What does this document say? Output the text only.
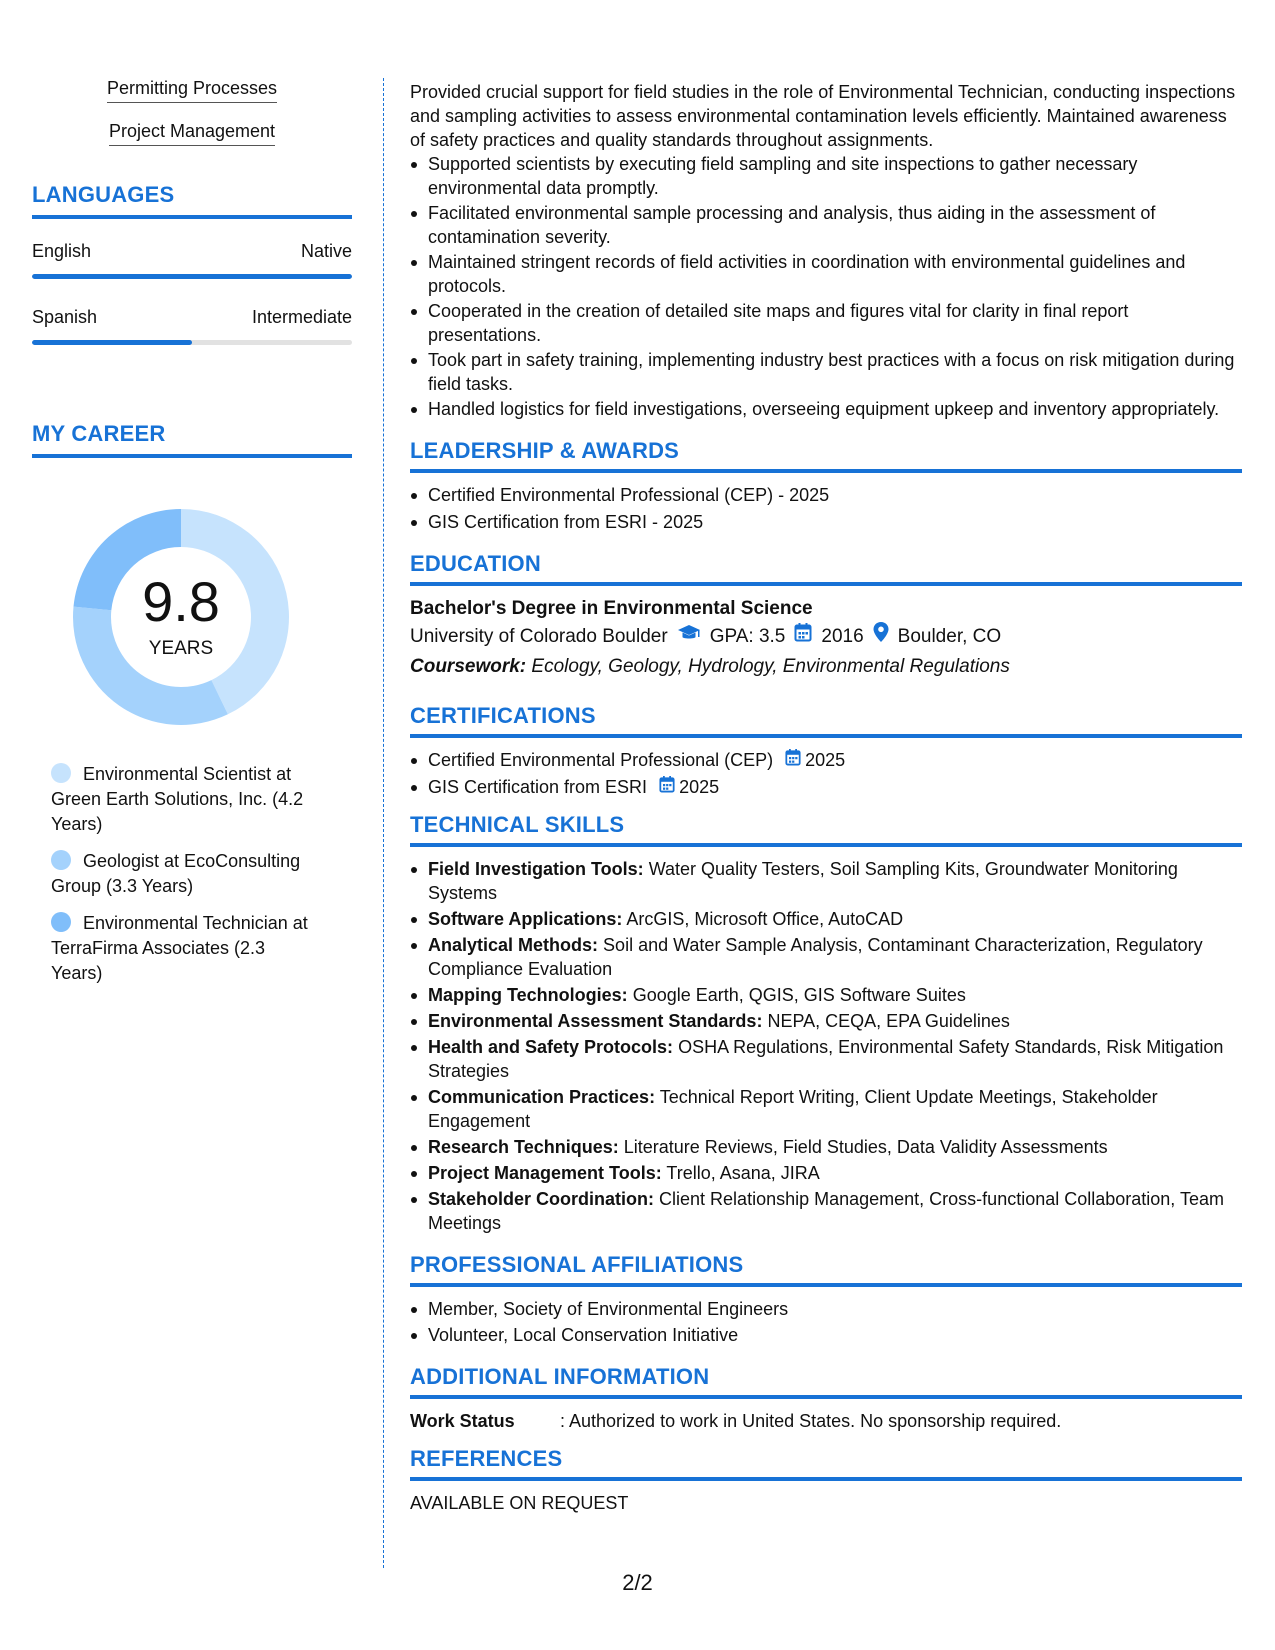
Permitting Processes
Project Management
LANGUAGES
English	Native
Spanish	Intermediate
MY CAREER
9.8
YEARS
Environmental Scientist at Green Earth Solutions, Inc. (4.2 Years)
Geologist at EcoConsulting Group (3.3 Years)
Environmental Technician at TerraFirma Associates (2.3 Years)

Provided crucial support for field studies in the role of Environmental Technician, conducting inspections and sampling activities to assess environmental contamination levels efficiently. Maintained awareness of safety practices and quality standards throughout assignments.

Supported scientists by executing field sampling and site inspections to gather necessary environmental data promptly.
Facilitated environmental sample processing and analysis, thus aiding in the assessment of contamination severity.
Maintained stringent records of field activities in coordination with environmental guidelines and protocols.
Cooperated in the creation of detailed site maps and figures vital for clarity in final report presentations.
Took part in safety training, implementing industry best practices with a focus on risk mitigation during field tasks.
Handled logistics for field investigations, overseeing equipment upkeep and inventory appropriately.
LEADERSHIP & AWARDS
Certified Environmental Professional (CEP) - 2025
GIS Certification from ESRI - 2025
EDUCATION
Bachelor's Degree in Environmental Science
University of Colorado Boulder GPA: 3.5 2016 Boulder, CO
Coursework: Ecology, Geology, Hydrology, Environmental Regulations
CERTIFICATIONS
Certified Environmental Professional (CEP) 2025
GIS Certification from ESRI 2025
TECHNICAL SKILLS
Field Investigation Tools: Water Quality Testers, Soil Sampling Kits, Groundwater Monitoring Systems
Software Applications: ArcGIS, Microsoft Office, AutoCAD
Analytical Methods: Soil and Water Sample Analysis, Contaminant Characterization, Regulatory Compliance Evaluation
Mapping Technologies: Google Earth, QGIS, GIS Software Suites
Environmental Assessment Standards: NEPA, CEQA, EPA Guidelines
Health and Safety Protocols: OSHA Regulations, Environmental Safety Standards, Risk Mitigation Strategies
Communication Practices: Technical Report Writing, Client Update Meetings, Stakeholder Engagement
Research Techniques: Literature Reviews, Field Studies, Data Validity Assessments
Project Management Tools: Trello, Asana, JIRA
Stakeholder Coordination: Client Relationship Management, Cross-functional Collaboration, Team Meetings
PROFESSIONAL AFFILIATIONS
Member, Society of Environmental Engineers
Volunteer, Local Conservation Initiative
ADDITIONAL INFORMATION
Work Status	: Authorized to work in United States. No sponsorship required.
REFERENCES
AVAILABLE ON REQUEST
2/2
